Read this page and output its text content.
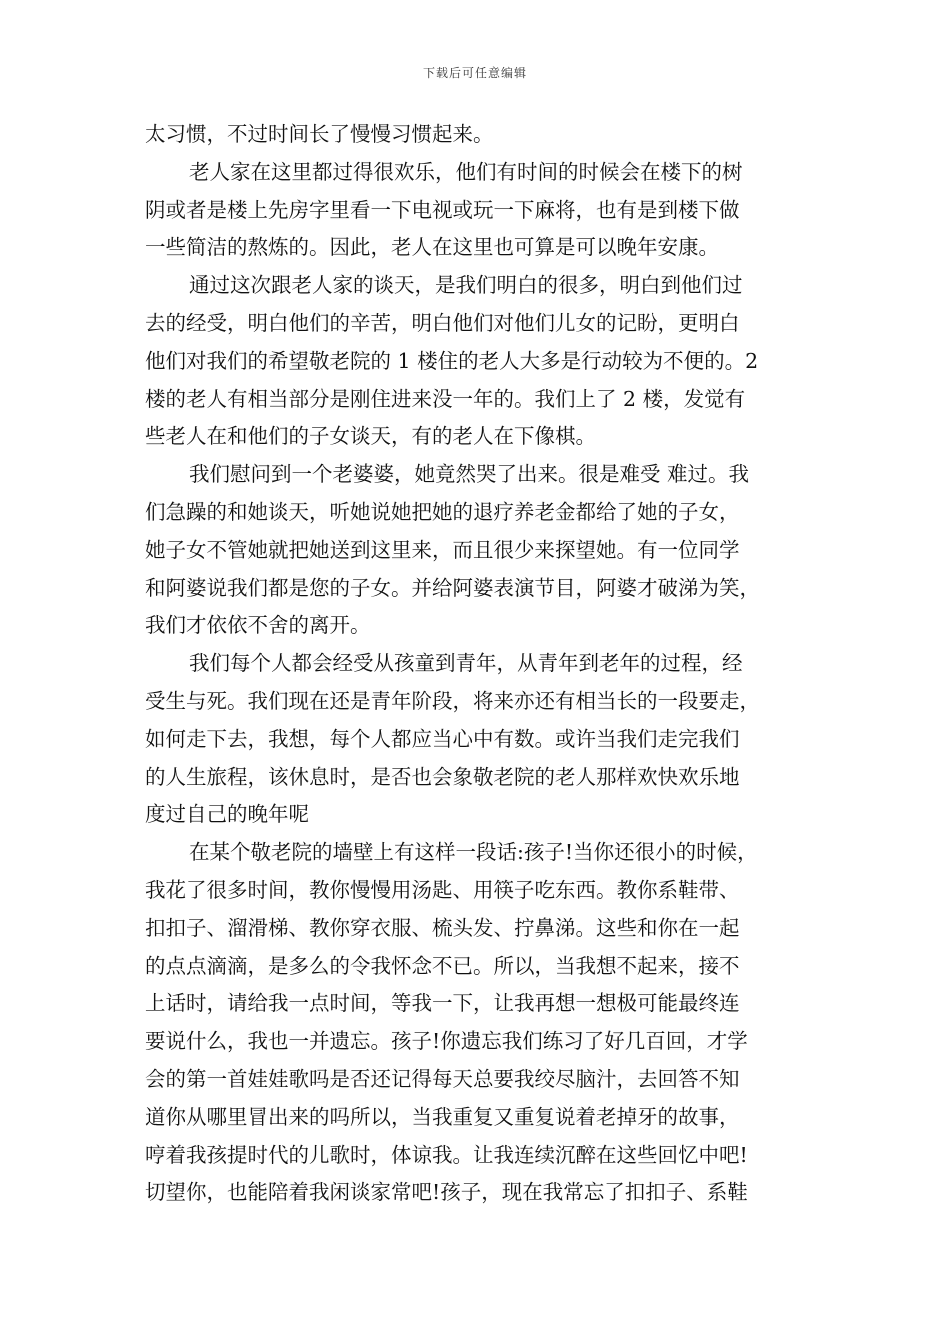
下载后可任意编辑
太习惯，不过时间长了慢慢习惯起来。
老人家在这里都过得很欢乐，他们有时间的时候会在楼下的树
阴或者是楼上先房字里看一下电视或玩一下麻将，也有是到楼下做
一些简洁的熬炼的。因此，老人在这里也可算是可以晚年安康。
通过这次跟老人家的谈天，是我们明白的很多，明白到他们过
去的经受，明白他们的辛苦，明白他们对他们儿女的记盼，更明白
他们对我们的希望敬老院的 1 楼住的老人大多是行动较为不便的。2
楼的老人有相当部分是刚住进来没一年的。我们上了 2 楼，发觉有
些老人在和他们的子女谈天，有的老人在下像棋。
我们慰问到一个老婆婆，她竟然哭了出来。很是难受 难过。我
们急躁的和她谈天，听她说她把她的退疗养老金都给了她的子女，
她子女不管她就把她送到这里来，而且很少来探望她。有一位同学
和阿婆说我们都是您的子女。并给阿婆表演节目，阿婆才破涕为笑，
我们才依依不舍的离开。
我们每个人都会经受从孩童到青年，从青年到老年的过程，经
受生与死。我们现在还是青年阶段，将来亦还有相当长的一段要走，
如何走下去，我想，每个人都应当心中有数。或许当我们走完我们
的人生旅程，该休息时，是否也会象敬老院的老人那样欢快欢乐地
度过自己的晚年呢
在某个敬老院的墙壁上有这样一段话:孩子!当你还很小的时候，
我花了很多时间，教你慢慢用汤匙、用筷子吃东西。教你系鞋带、
扣扣子、溜滑梯、教你穿衣服、梳头发、拧鼻涕。这些和你在一起
的点点滴滴，是多么的令我怀念不已。所以，当我想不起来，接不
上话时，请给我一点时间，等我一下，让我再想一想极可能最终连
要说什么，我也一并遗忘。孩子!你遗忘我们练习了好几百回，才学
会的第一首娃娃歌吗是否还记得每天总要我绞尽脑汁，去回答不知
道你从哪里冒出来的吗所以，当我重复又重复说着老掉牙的故事，
哼着我孩提时代的儿歌时，体谅我。让我连续沉醉在这些回忆中吧!
切望你，也能陪着我闲谈家常吧!孩子，现在我常忘了扣扣子、系鞋
